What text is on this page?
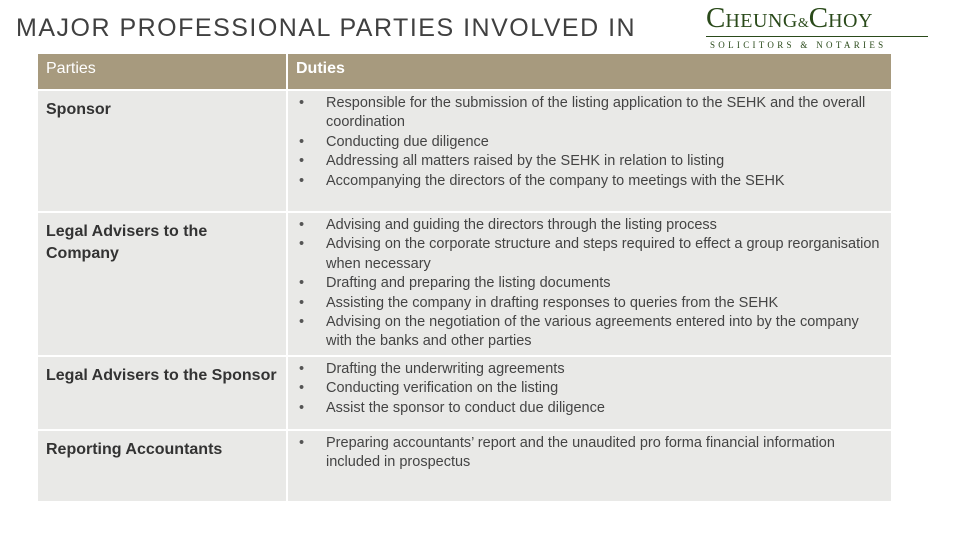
MAJOR PROFESSIONAL PARTIES INVOLVED IN CHEUNG&CHOY
SOLICITORS & NOTARIES
Parties	Duties
Sponsor	• Responsible for the submission of the listing application to the SEHK and the overall coordination
• Conducting due diligence
• Addressing all matters raised by the SEHK in relation to listing
• Accompanying the directors of the company to meetings with the SEHK
Legal Advisers to the Company
• Advising and guiding the directors through the listing process
• Advising on the corporate structure and steps required to effect a group reorganisation when necessary
• Drafting and preparing the listing documents
• Assisting the company in drafting responses to queries from the SEHK
• Advising on the negotiation of the various agreements entered into by the company with the banks and other parties
Legal Advisers to the Sponsor	• Drafting the underwriting agreements
• Conducting verification on the listing
• Assist the sponsor to conduct due diligence
Reporting Accountants	• Preparing accountants’ report and the unaudited pro forma financial information included in prospectus
